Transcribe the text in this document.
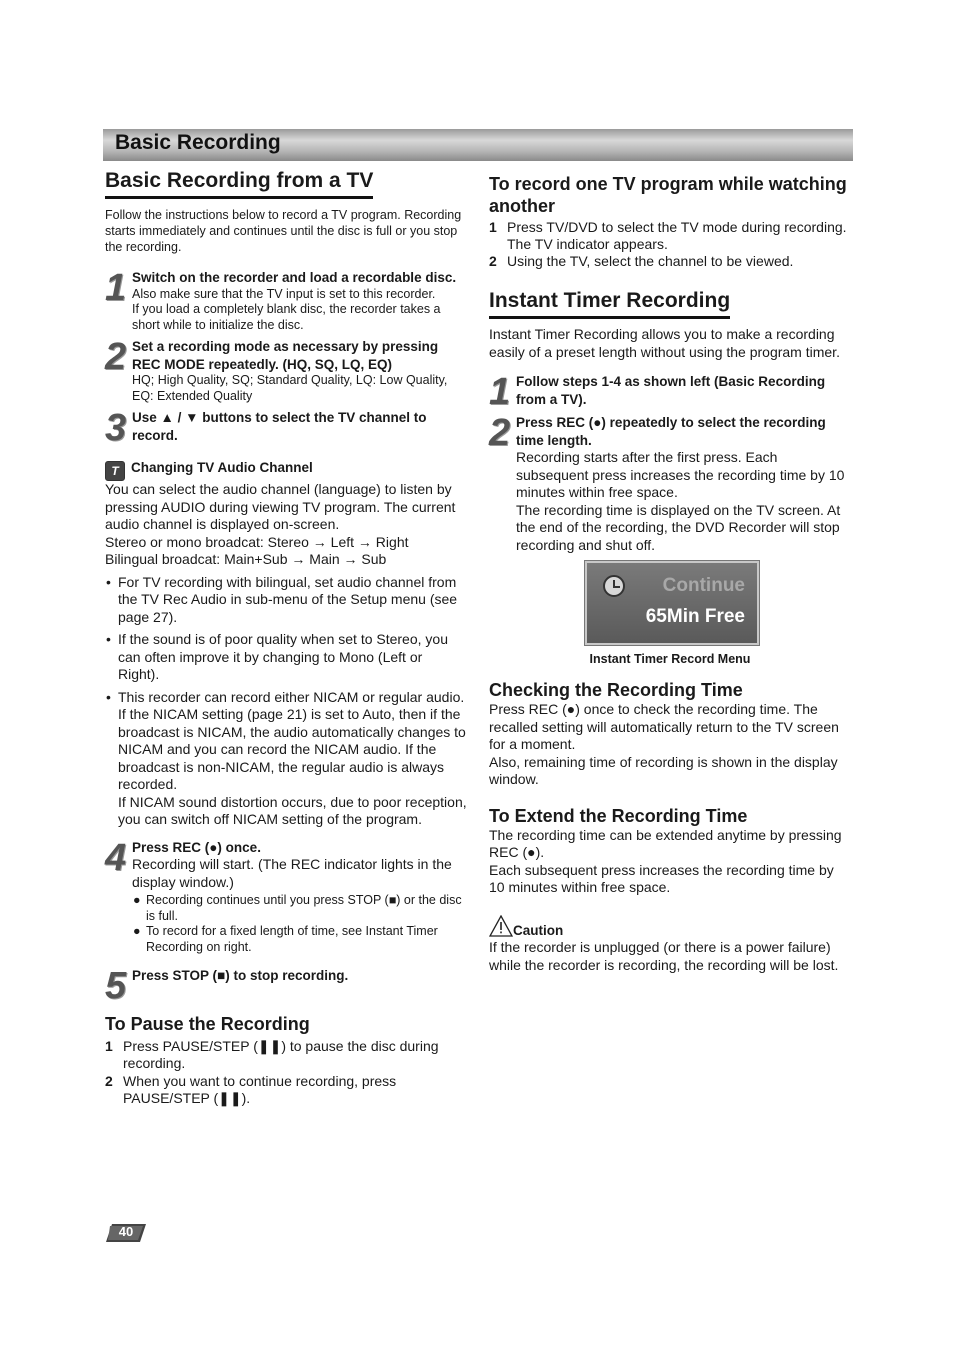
Basic Recording
Basic Recording from a TV

Follow the instructions below to record a TV program. Recording starts immediately and continues until the disc is full or you stop the recording.

1 Switch on the recorder and load a recordable disc.

Also make sure that the TV input is set to this recorder.

If you load a completely blank disc, the recorder takes a short while to initialize the disc.

2 Set a recording mode as necessary by pressing REC MODE repeatedly. (HQ, SQ, LQ, EQ)

HQ; High Quality, SQ; Standard Quality, LQ: Low Quality, EQ: Extended Quality

3 Use ▲ / ▼ buttons to select the TV channel to record.

T Changing TV Audio Channel

You can select the audio channel (language) to listen by pressing AUDIO during viewing TV program. The current audio channel is displayed on-screen.

Stereo or mono broadcat: Stereo → Left → Right

Bilingual broadcat: Main+Sub → Main → Sub

• For TV recording with bilingual, set audio channel from the TV Rec Audio in sub-menu of the Setup menu (see page 27).

• If the sound is of poor quality when set to Stereo, you can often improve it by changing to Mono (Left or Right).

• This recorder can record either NICAM or regular audio. If the NICAM setting (page 21) is set to Auto, then if the broadcast is NICAM, the audio automatically changes to NICAM and you can record the NICAM audio. If the broadcast is non-NICAM, the regular audio is always recorded.

If NICAM sound distortion occurs, due to poor reception, you can switch off NICAM setting of the program.

4 Press REC (●) once.

Recording will start. (The REC indicator lights in the display window.)

● Recording continues until you press STOP (■) or the disc is full.

● To record for a fixed length of time, see Instant Timer Recording on right.

5 Press STOP (■) to stop recording.

To Pause the Recording

1 Press PAUSE/STEP (❚❚) to pause the disc during recording.

2 When you want to continue recording, press PAUSE/STEP (❚❚).

To record one TV program while watching another

1 Press TV/DVD to select the TV mode during recording. The TV indicator appears.

2 Using the TV, select the channel to be viewed.

Instant Timer Recording

Instant Timer Recording allows you to make a recording easily of a preset length without using the program timer.

1 Follow steps 1-4 as shown left (Basic Recording from a TV).

2 Press REC (●) repeatedly to select the recording time length.

Recording starts after the first press. Each subsequent press increases the recording time by 10 minutes within free space.

The recording time is displayed on the TV screen. At the end of the recording, the DVD Recorder will stop recording and shut off.

Continue
65Min Free

Instant Timer Record Menu

Checking the Recording Time

Press REC (●) once to check the recording time. The recalled setting will automatically return to the TV screen for a moment.

Also, remaining time of recording is shown in the display window.

To Extend the Recording Time

The recording time can be extended anytime by pressing REC (●).

Each subsequent press increases the recording time by 10 minutes within free space.

Caution

If the recorder is unplugged (or there is a power failure) while the recorder is recording, the recording will be lost.

40
